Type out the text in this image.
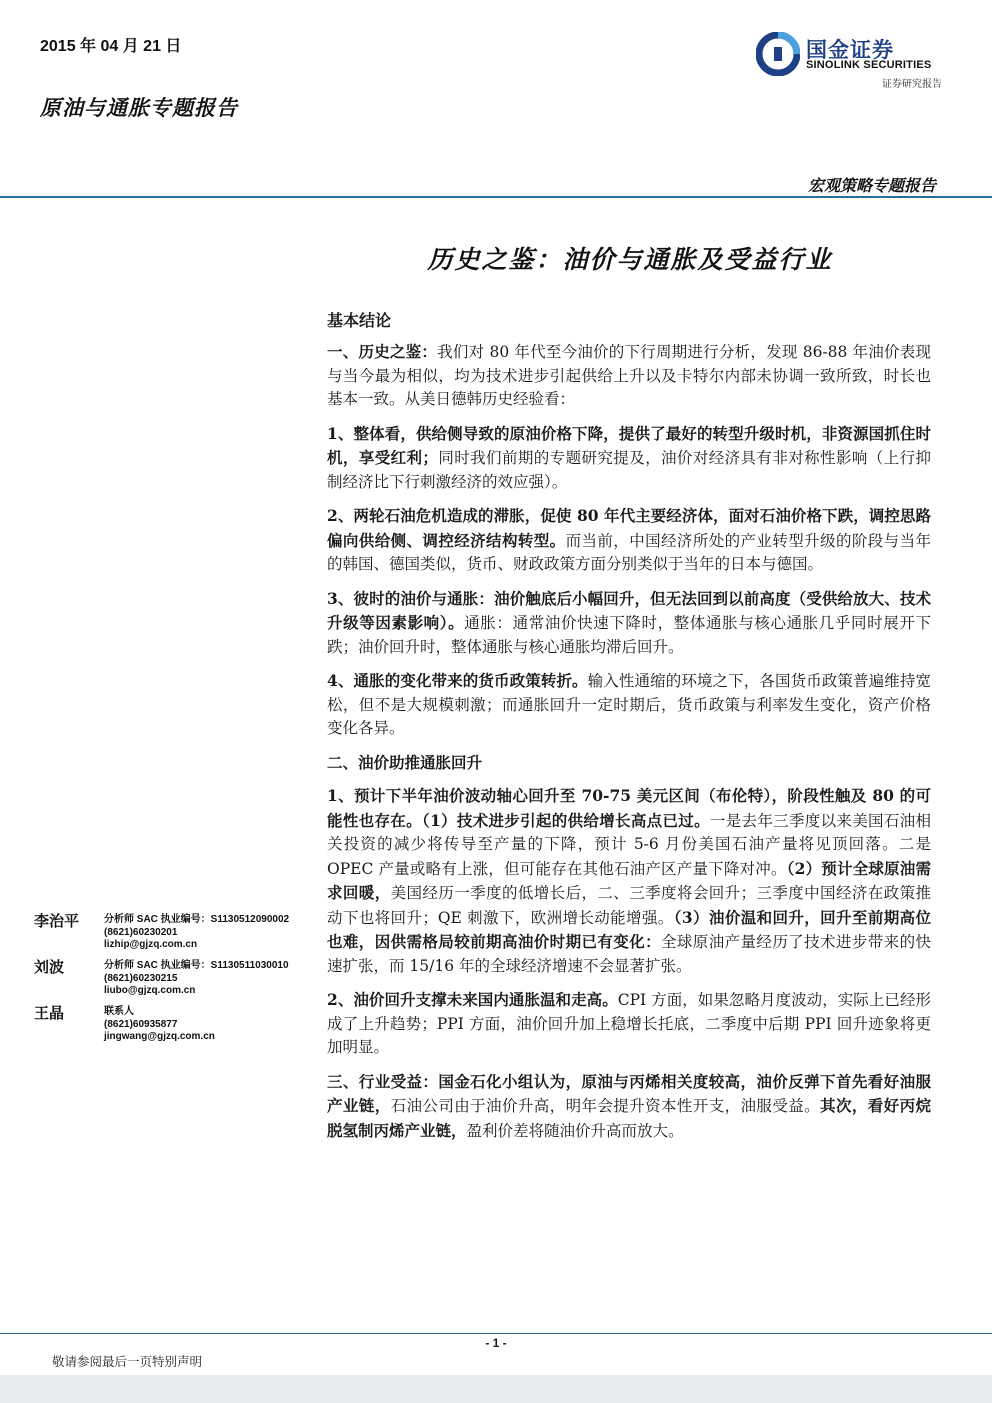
2015 年 04 月 21 日
原油与通胀专题报告
国金证券
SINOLINK SECURITIES
证券研究报告
宏观策略专题报告
历史之鉴：油价与通胀及受益行业
基本结论

一、历史之鉴：我们对 80 年代至今油价的下行周期进行分析，发现 86-88 年油价表现与当今最为相似，均为技术进步引起供给上升以及卡特尔内部未协调一致所致，时长也基本一致。从美日德韩历史经验看：

1、整体看，供给侧导致的原油价格下降，提供了最好的转型升级时机，非资源国抓住时机，享受红利；同时我们前期的专题研究提及，油价对经济具有非对称性影响（上行抑制经济比下行刺激经济的效应强）。

2、两轮石油危机造成的滞胀，促使 80 年代主要经济体，面对石油价格下跌，调控思路偏向供给侧、调控经济结构转型。而当前，中国经济所处的产业转型升级的阶段与当年的韩国、德国类似，货币、财政政策方面分别类似于当年的日本与德国。

3、彼时的油价与通胀：油价触底后小幅回升，但无法回到以前高度（受供给放大、技术升级等因素影响）。通胀：通常油价快速下降时，整体通胀与核心通胀几乎同时展开下跌；油价回升时，整体通胀与核心通胀均滞后回升。

4、通胀的变化带来的货币政策转折。输入性通缩的环境之下，各国货币政策普遍维持宽松，但不是大规模刺激；而通胀回升一定时期后，货币政策与利率发生变化，资产价格变化各异。

二、油价助推通胀回升

1、预计下半年油价波动轴心回升至 70-75 美元区间（布伦特），阶段性触及 80 的可能性也存在。（1）技术进步引起的供给增长高点已过。一是去年三季度以来美国石油相关投资的减少将传导至产量的下降，预计 5-6 月份美国石油产量将见顶回落。二是 OPEC 产量或略有上涨，但可能存在其他石油产区产量下降对冲。（2）预计全球原油需求回暖，美国经历一季度的低增长后，二、三季度将会回升；三季度中国经济在政策推动下也将回升；QE 刺激下，欧洲增长动能增强。（3）油价温和回升，回升至前期高位也难，因供需格局较前期高油价时期已有变化：全球原油产量经历了技术进步带来的快速扩张，而 15/16 年的全球经济增速不会显著扩张。

2、油价回升支撑未来国内通胀温和走高。CPI 方面，如果忽略月度波动，实际上已经形成了上升趋势；PPI 方面，油价回升加上稳增长托底，二季度中后期 PPI 回升迹象将更加明显。

三、行业受益：国金石化小组认为，原油与丙烯相关度较高，油价反弹下首先看好油服产业链，石油公司由于油价升高，明年会提升资本性开支，油服受益。其次，看好丙烷脱氢制丙烯产业链，盈利价差将随油价升高而放大。

李治平 分析师 SAC 执业编号：S1130512090002
(8621)60230201
lizhip@gjzq.com.cn
刘波	分析师 SAC 执业编号：S1130511030010
(8621)60230215
liubo@gjzq.com.cn
王晶	联系人
(8621)60935877
jingwang@gjzq.com.cn
- 1 -
敬请参阅最后一页特别声明
